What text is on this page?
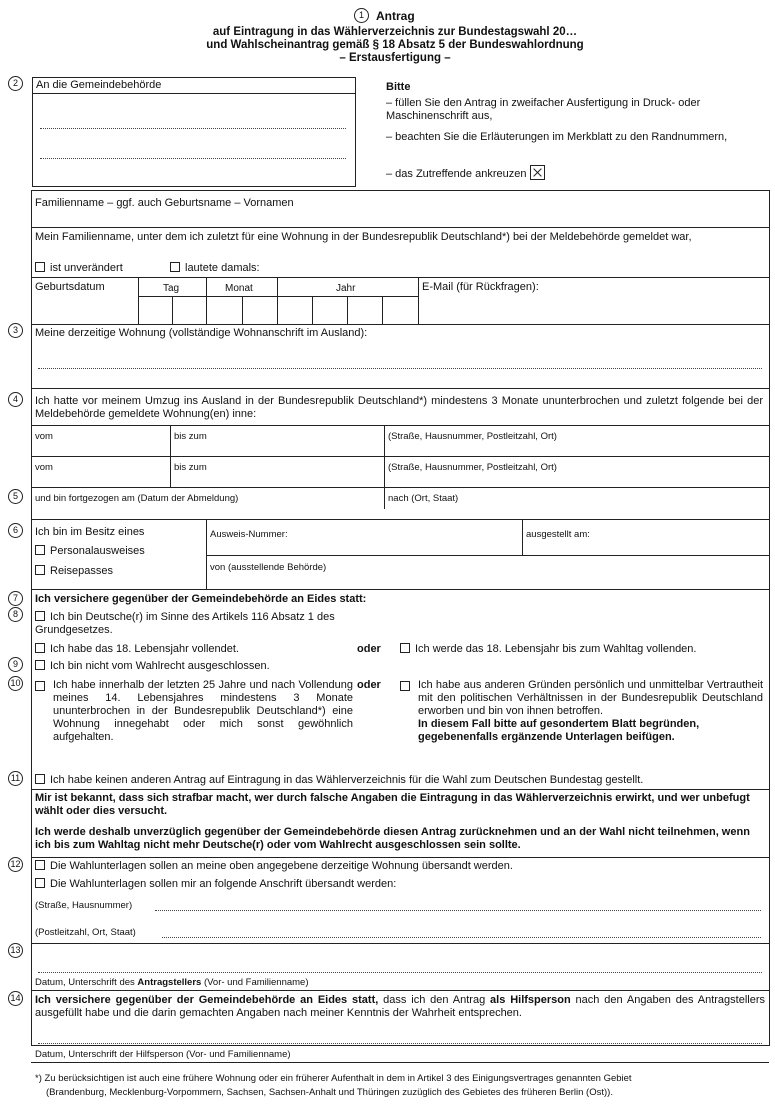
1	Antrag
auf Eintragung in das Wählerverzeichnis zur Bundestagswahl 20…
und Wahlscheinantrag gemäß § 18 Absatz 5 der Bundeswahlordnung
– Erstausfertigung –
2	An die Gemeindebehörde	Bitte
– füllen Sie den Antrag in zweifacher Ausfertigung in Druck- oder Maschinenschrift aus,
– beachten Sie die Erläuterungen im Merkblatt zu den Randnummern,
– das Zutreffende ankreuzen
Familienname – ggf. auch Geburtsname – Vornamen
Mein Familienname, unter dem ich zuletzt für eine Wohnung in der Bundesrepublik Deutschland*) bei der Meldebehörde gemeldet war,
ist unverändert	lautete damals:
Geburtsdatum	Tag	Monat	Jahr	E-Mail (für Rückfragen):
3	Meine derzeitige Wohnung (vollständige Wohnanschrift im Ausland):
4	Ich hatte vor meinem Umzug ins Ausland in der Bundesrepublik Deutschland*) mindestens 3 Monate ununterbrochen und zuletzt folgende bei der Meldebehörde gemeldete Wohnung(en) inne:
vom	bis zum	(Straße, Hausnummer, Postleitzahl, Ort)
vom	bis zum	(Straße, Hausnummer, Postleitzahl, Ort)
5	und bin fortgezogen am (Datum der Abmeldung)	nach (Ort, Staat)
6	Ich bin im Besitz eines
Personalausweises
Reisepasses
Ausweis-Nummer:	ausgestellt am:
von (ausstellende Behörde)
7	Ich versichere gegenüber der Gemeindebehörde an Eides statt:
8	Ich bin Deutsche(r) im Sinne des Artikels 116 Absatz 1 des Grundgesetzes.
Ich habe das 18. Lebensjahr vollendet.	oder	Ich werde das 18. Lebensjahr bis zum Wahltag vollenden.
9	Ich bin nicht vom Wahlrecht ausgeschlossen.
10	Ich habe innerhalb der letzten 25 Jahre und nach Vollendung meines 14. Lebensjahres mindestens 3 Monate ununterbrochen in der Bundesrepublik Deutschland*) eine Wohnung innegehabt oder mich sonst gewöhnlich aufgehalten.
oder	Ich habe aus anderen Gründen persönlich und unmittelbar Vertrautheit mit den politischen Verhältnissen in der Bundesrepublik Deutschland erworben und bin von ihnen betroffen.
In diesem Fall bitte auf gesondertem Blatt begründen, gegebenenfalls ergänzende Unterlagen beifügen.
11	Ich habe keinen anderen Antrag auf Eintragung in das Wählerverzeichnis für die Wahl zum Deutschen Bundestag gestellt.
Mir ist bekannt, dass sich strafbar macht, wer durch falsche Angaben die Eintragung in das Wählerverzeichnis erwirkt, und wer unbefugt wählt oder dies versucht.
Ich werde deshalb unverzüglich gegenüber der Gemeindebehörde diesen Antrag zurücknehmen und an der Wahl nicht teilnehmen, wenn ich bis zum Wahltag nicht mehr Deutsche(r) oder vom Wahlrecht ausgeschlossen sein sollte.
12	Die Wahlunterlagen sollen an meine oben angegebene derzeitige Wohnung übersandt werden.
Die Wahlunterlagen sollen mir an folgende Anschrift übersandt werden:
(Straße, Hausnummer)
(Postleitzahl, Ort, Staat)
13
Datum, Unterschrift des Antragstellers (Vor- und Familienname)
14 Ich versichere gegenüber der Gemeindebehörde an Eides statt, dass ich den Antrag als Hilfsperson nach den Angaben des Antragstellers ausgefüllt habe und die darin gemachten Angaben nach meiner Kenntnis der Wahrheit entsprechen.
Datum, Unterschrift der Hilfsperson (Vor- und Familienname)
*) Zu berücksichtigen ist auch eine frühere Wohnung oder ein früherer Aufenthalt in dem in Artikel 3 des Einigungsvertrages genannten Gebiet
(Brandenburg, Mecklenburg-Vorpommern, Sachsen, Sachsen-Anhalt und Thüringen zuzüglich des Gebietes des früheren Berlin (Ost)).
